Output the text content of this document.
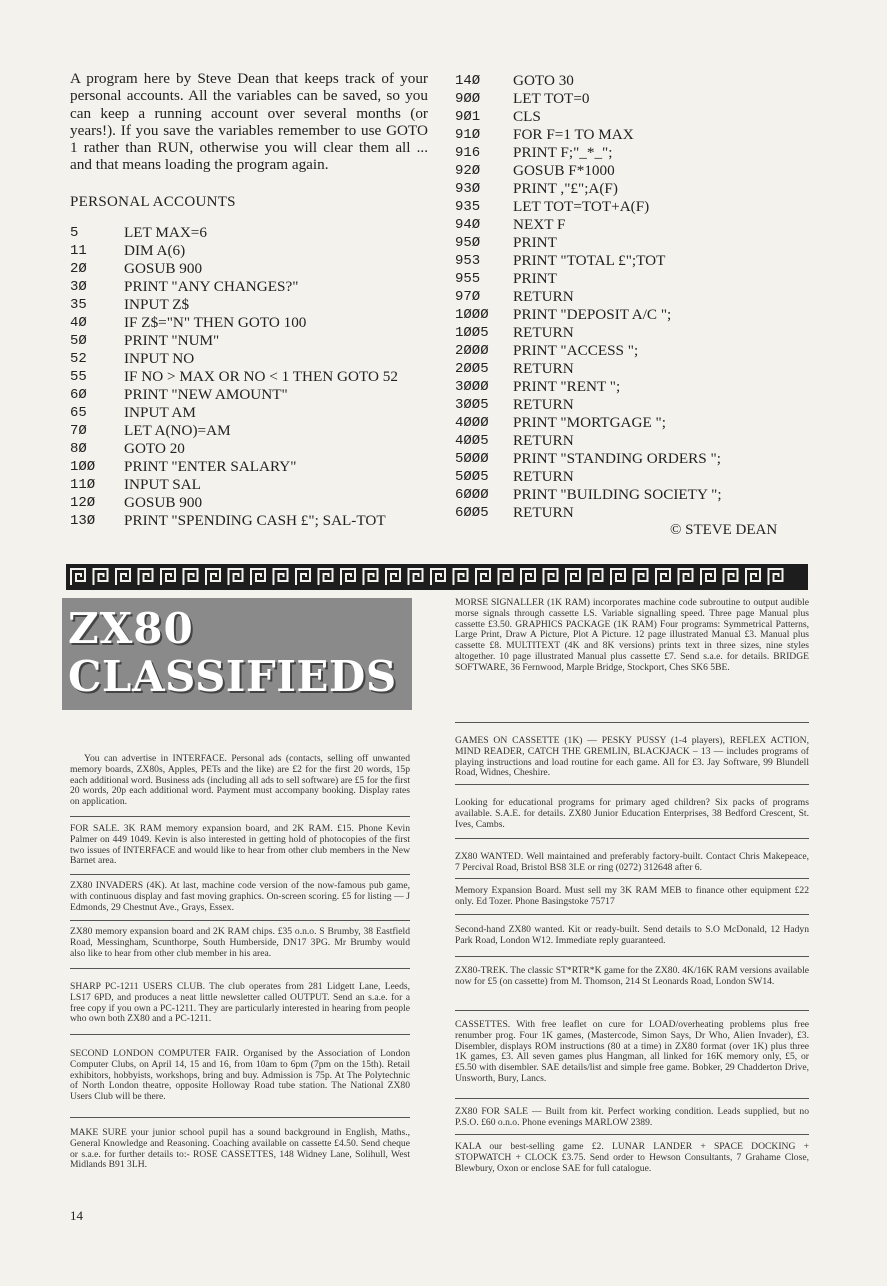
A program here by Steve Dean that keeps track of your personal accounts. All the variables can be saved, so you can keep a running account over several months (or years!). If you save the variables remember to use GOTO 1 rather than RUN, otherwise you will clear them all ... and that means loading the program again.

PERSONAL ACCOUNTS
5	LET MAX=6
11	DIM A(6)
2Ø	GOSUB 900
3Ø	PRINT "ANY CHANGES?"
35	INPUT Z$
4Ø	IF Z$="N" THEN GOTO 100
5Ø	PRINT "NUM"
52	INPUT NO
55	IF NO > MAX OR NO < 1 THEN GOTO 52
6Ø	PRINT "NEW AMOUNT"
65	INPUT AM
7Ø	LET A(NO)=AM
8Ø	GOTO 20
1ØØ	PRINT "ENTER SALARY"
11Ø	INPUT SAL
12Ø	GOSUB 900
13Ø	PRINT "SPENDING CASH £"; SAL-TOT
14Ø	GOTO 30
9ØØ	LET TOT=0
9Ø1	CLS
91Ø	FOR F=1 TO MAX
916	PRINT F;"_*_";
92Ø	GOSUB F*1000
93Ø	PRINT ,"£";A(F)
935	LET TOT=TOT+A(F)
94Ø	NEXT F
95Ø	PRINT
953	PRINT "TOTAL £";TOT
955	PRINT
97Ø	RETURN
1ØØØ	PRINT "DEPOSIT A/C ";
1ØØ5	RETURN
2ØØØ	PRINT "ACCESS ";
2ØØ5	RETURN
3ØØØ	PRINT "RENT ";
3ØØ5	RETURN
4ØØØ	PRINT "MORTGAGE ";
4ØØ5	RETURN
5ØØØ	PRINT "STANDING ORDERS ";
5ØØ5	RETURN
6ØØØ	PRINT "BUILDING SOCIETY ";
6ØØ5	RETURN
© STEVE DEAN
ZX80
CLASSIFIEDS

You can advertise in INTERFACE. Personal ads (contacts, selling off unwanted memory boards, ZX80s, Apples, PETs and the like) are £2 for the first 20 words, 15p each additional word. Business ads (including all ads to sell software) are £5 for the first 20 words, 20p each additional word. Payment must accompany booking. Display rates on application.

FOR SALE. 3K RAM memory expansion board, and 2K RAM. £15. Phone Kevin Palmer on 449 1049. Kevin is also interested in getting hold of photocopies of the first two issues of INTERFACE and would like to hear from other club members in the New Barnet area.

ZX80 INVADERS (4K). At last, machine code version of the now-famous pub game, with continuous display and fast moving graphics. On-screen scoring. £5 for listing — J Edmonds, 29 Chestnut Ave., Grays, Essex.

ZX80 memory expansion board and 2K RAM chips. £35 o.n.o. S Brumby, 38 Eastfield Road, Messingham, Scunthorpe, South Humberside, DN17 3PG. Mr Brumby would also like to hear from other club member in his area.

SHARP PC-1211 USERS CLUB. The club operates from 281 Lidgett Lane, Leeds, LS17 6PD, and produces a neat little newsletter called OUTPUT. Send an s.a.e. for a free copy if you own a PC-1211. They are particularly interested in hearing from people who own both ZX80 and a PC-1211.

SECOND LONDON COMPUTER FAIR. Organised by the Association of London Computer Clubs, on April 14, 15 and 16, from 10am to 6pm (7pm on the 15th). Retail exhibitors, hobbyists, workshops, bring and buy. Admission is 75p. At The Polytechnic of North London theatre, opposite Holloway Road tube station. The National ZX80 Users Club will be there.

MAKE SURE your junior school pupil has a sound background in English, Maths., General Knowledge and Reasoning. Coaching available on cassette £4.50. Send cheque or s.a.e. for further details to:- ROSE CASSETTES, 148 Widney Lane, Solihull, West Midlands B91 3LH.

MORSE SIGNALLER (1K RAM) incorporates machine code subroutine to output audible morse signals through cassette LS. Variable signalling speed. Three page Manual plus cassette £3.50. GRAPHICS PACKAGE (1K RAM) Four programs: Symmetrical Patterns, Large Print, Draw A Picture, Plot A Picture. 12 page illustrated Manual £3. Manual plus cassette £8. MULTITEXT (4K and 8K versions) prints text in three sizes, nine styles altogether. 10 page illustrated Manual plus cassette £7. Send s.a.e. for details. BRIDGE SOFTWARE, 36 Fernwood, Marple Bridge, Stockport, Ches SK6 5BE.

GAMES ON CASSETTE (1K) — PESKY PUSSY (1-4 players), REFLEX ACTION, MIND READER, CATCH THE GREMLIN, BLACKJACK – 13 — includes programs of playing instructions and load routine for each game. All for £3. Jay Software, 99 Blundell Road, Widnes, Cheshire.

Looking for educational programs for primary aged children? Six packs of programs available. S.A.E. for details. ZX80 Junior Education Enterprises, 38 Bedford Crescent, St. Ives, Cambs.

ZX80 WANTED. Well maintained and preferably factory-built. Contact Chris Makepeace, 7 Percival Road, Bristol BS8 3LE or ring (0272) 312648 after 6.

Memory Expansion Board. Must sell my 3K RAM MEB to finance other equipment £22 only. Ed Tozer. Phone Basingstoke 75717

Second-hand ZX80 wanted. Kit or ready-built. Send details to S.O McDonald, 12 Hadyn Park Road, London W12. Immediate reply guaranteed.

ZX80-TREK. The classic ST*RTR*K game for the ZX80. 4K/16K RAM versions available now for £5 (on cassette) from M. Thomson, 214 St Leonards Road, London SW14.

CASSETTES. With free leaflet on cure for LOAD/overheating problems plus free renumber prog. Four 1K games, (Mastercode, Simon Says, Dr Who, Alien Invader), £3. Disembler, displays ROM instructions (80 at a time) in ZX80 format (over 1K) plus three 1K games, £3. All seven games plus Hangman, all linked for 16K memory only, £5, or £5.50 with disembler. SAE details/list and simple free game. Bobker, 29 Chadderton Drive, Unsworth, Bury, Lancs.

ZX80 FOR SALE — Built from kit. Perfect working condition. Leads supplied, but no P.S.O. £60 o.n.o. Phone evenings MARLOW 2389.

KALA our best-selling game £2. LUNAR LANDER + SPACE DOCKING + STOPWATCH + CLOCK £3.75. Send order to Hewson Consultants, 7 Grahame Close, Blewbury, Oxon or enclose SAE for full catalogue.

14
